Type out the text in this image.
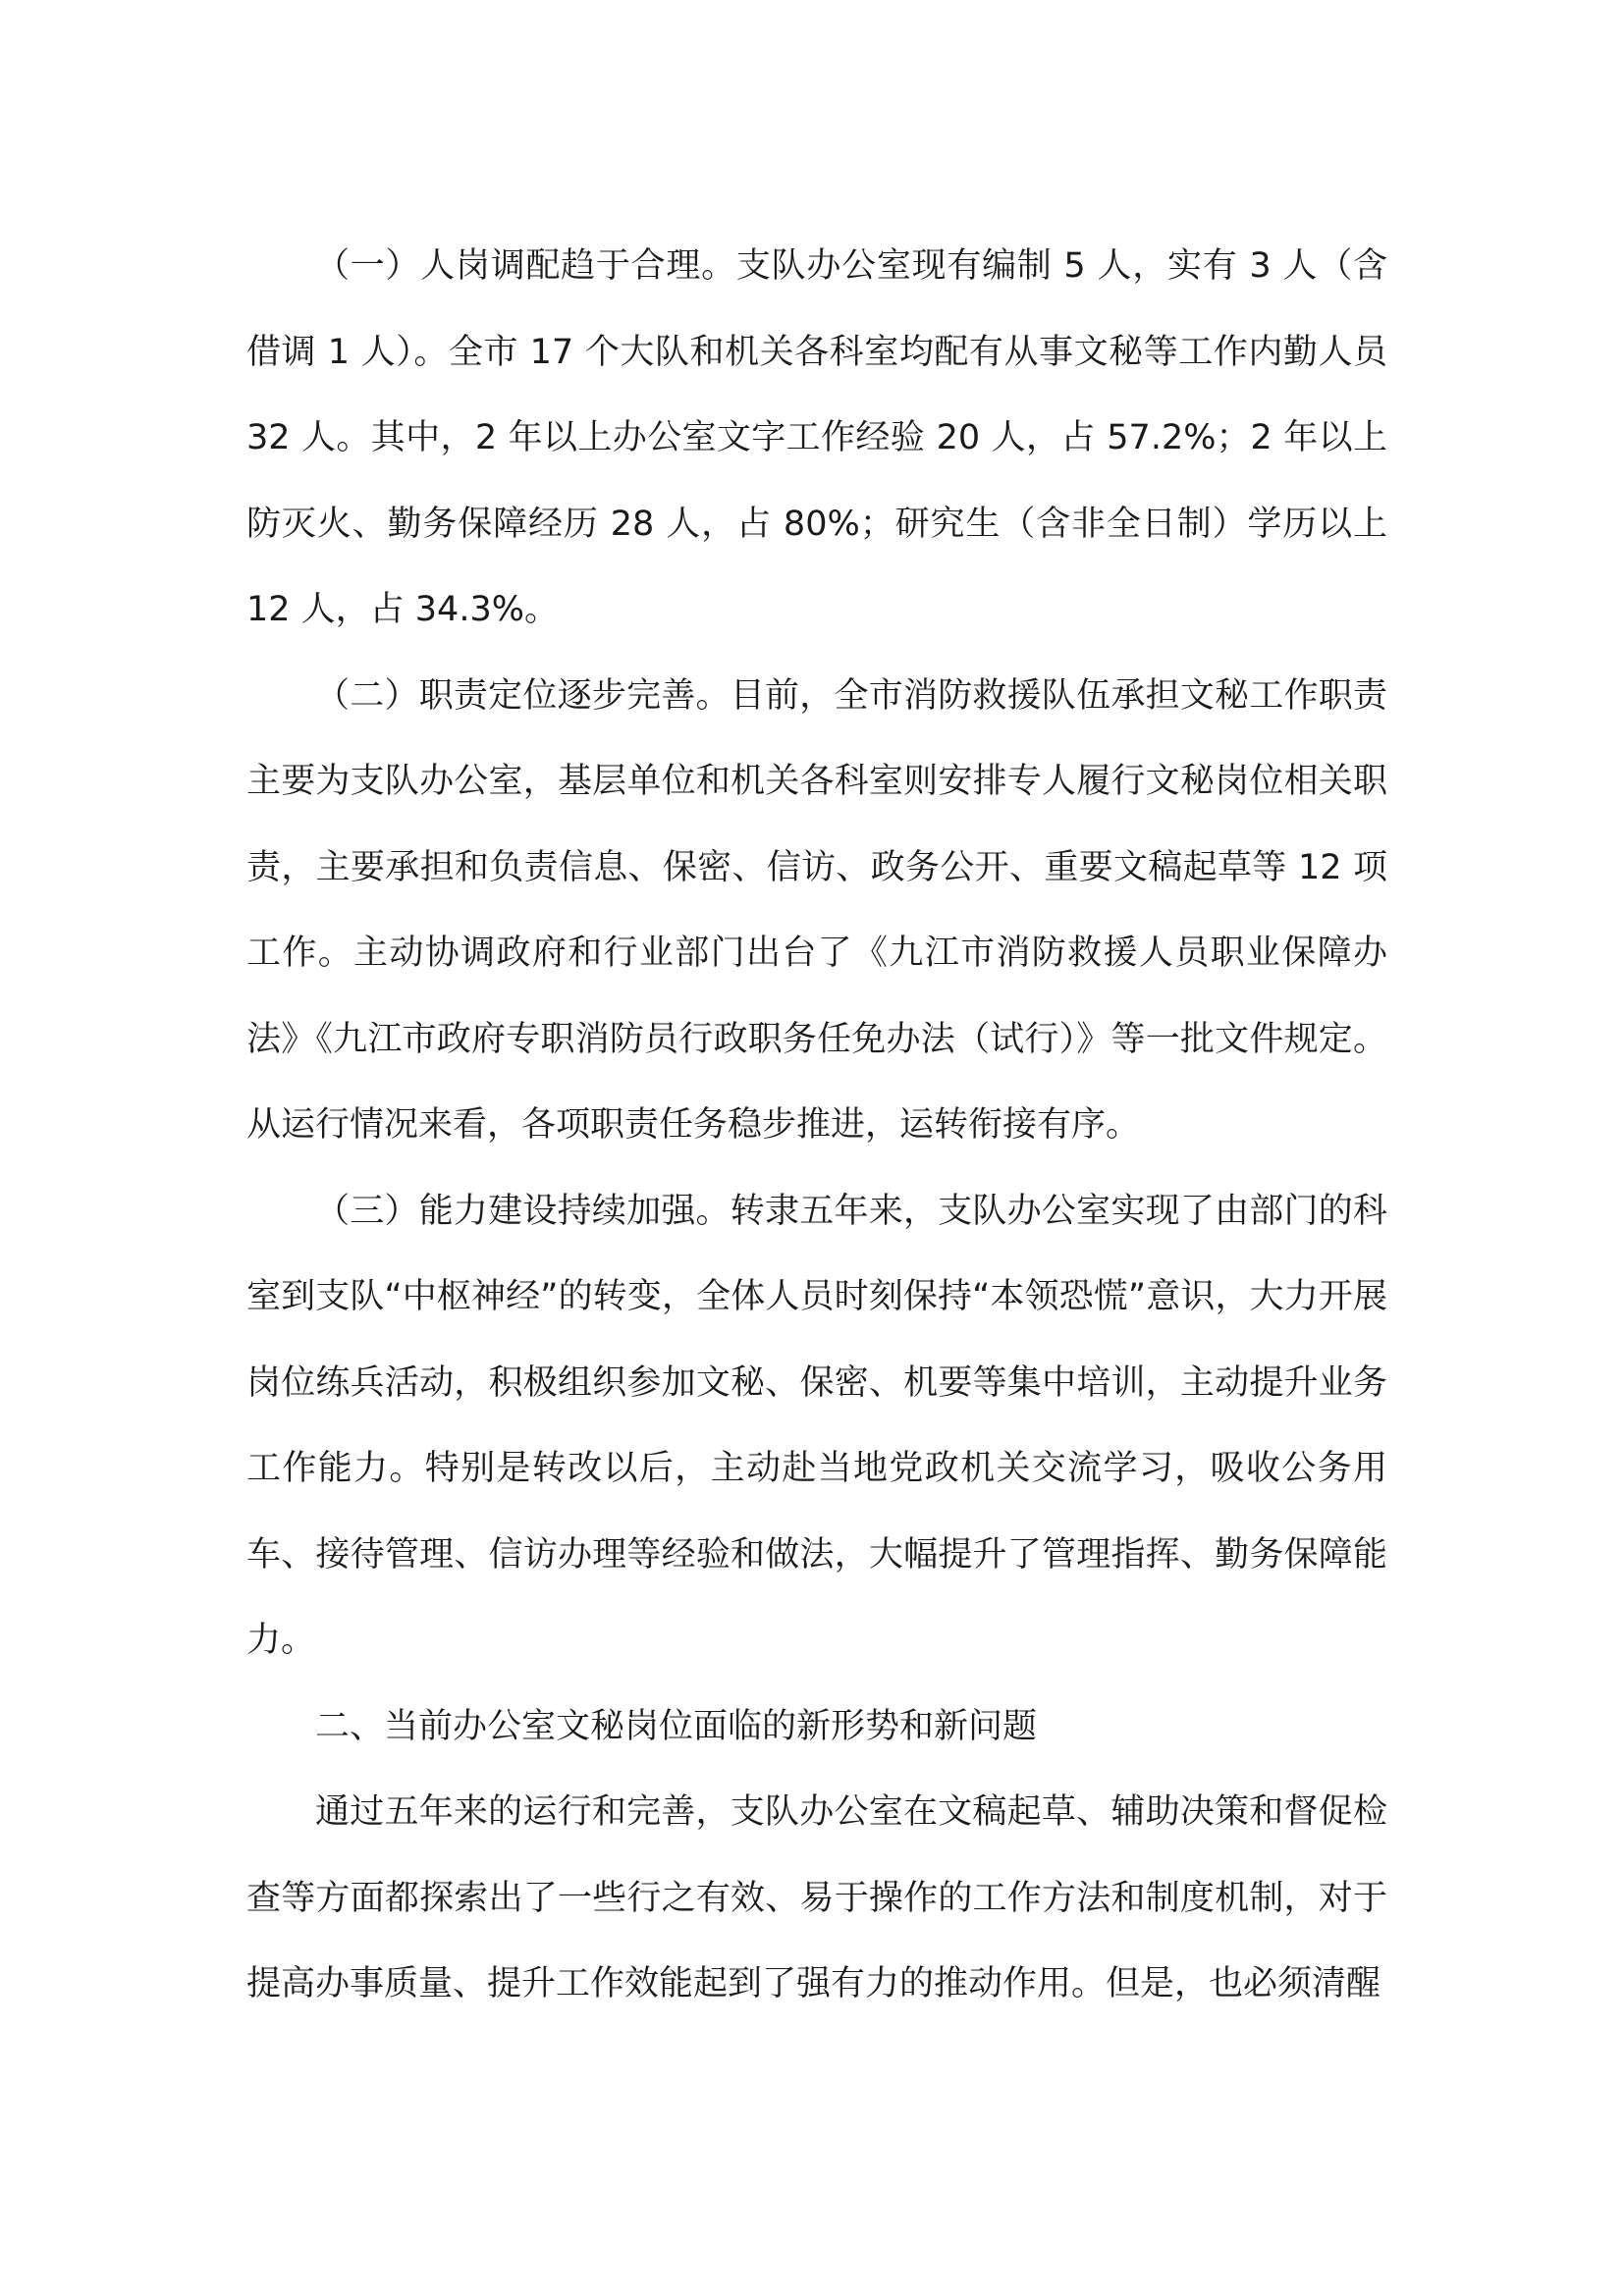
（一）人岗调配趋于合理。支队办公室现有编制 5 人，实有 3 人（含借调 1 人）。全市 17 个大队和机关各科室均配有从事文秘等工作内勤人员 32 人。其中，2 年以上办公室文字工作经验 20 人，占 57.2%；2 年以上防灭火、勤务保障经历 28 人，占 80%；研究生（含非全日制）学历以上 12 人，占 34.3%。

（二）职责定位逐步完善。目前，全市消防救援队伍承担文秘工作职责主要为支队办公室，基层单位和机关各科室则安排专人履行文秘岗位相关职责，主要承担和负责信息、保密、信访、政务公开、重要文稿起草等 12 项工作。主动协调政府和行业部门出台了《九江市消防救援人员职业保障办法》《九江市政府专职消防员行政职务任免办法（试行）》等一批文件规定。从运行情况来看，各项职责任务稳步推进，运转衔接有序。

（三）能力建设持续加强。转隶五年来，支队办公室实现了由部门的科室到支队“中枢神经”的转变，全体人员时刻保持“本领恐慌”意识，大力开展岗位练兵活动，积极组织参加文秘、保密、机要等集中培训，主动提升业务工作能力。特别是转改以后，主动赴当地党政机关交流学习，吸收公务用车、接待管理、信访办理等经验和做法，大幅提升了管理指挥、勤务保障能力。

二、当前办公室文秘岗位面临的新形势和新问题

通过五年来的运行和完善，支队办公室在文稿起草、辅助决策和督促检查等方面都探索出了一些行之有效、易于操作的工作方法和制度机制，对于提高办事质量、提升工作效能起到了强有力的推动作用。但是，也必须清醒
